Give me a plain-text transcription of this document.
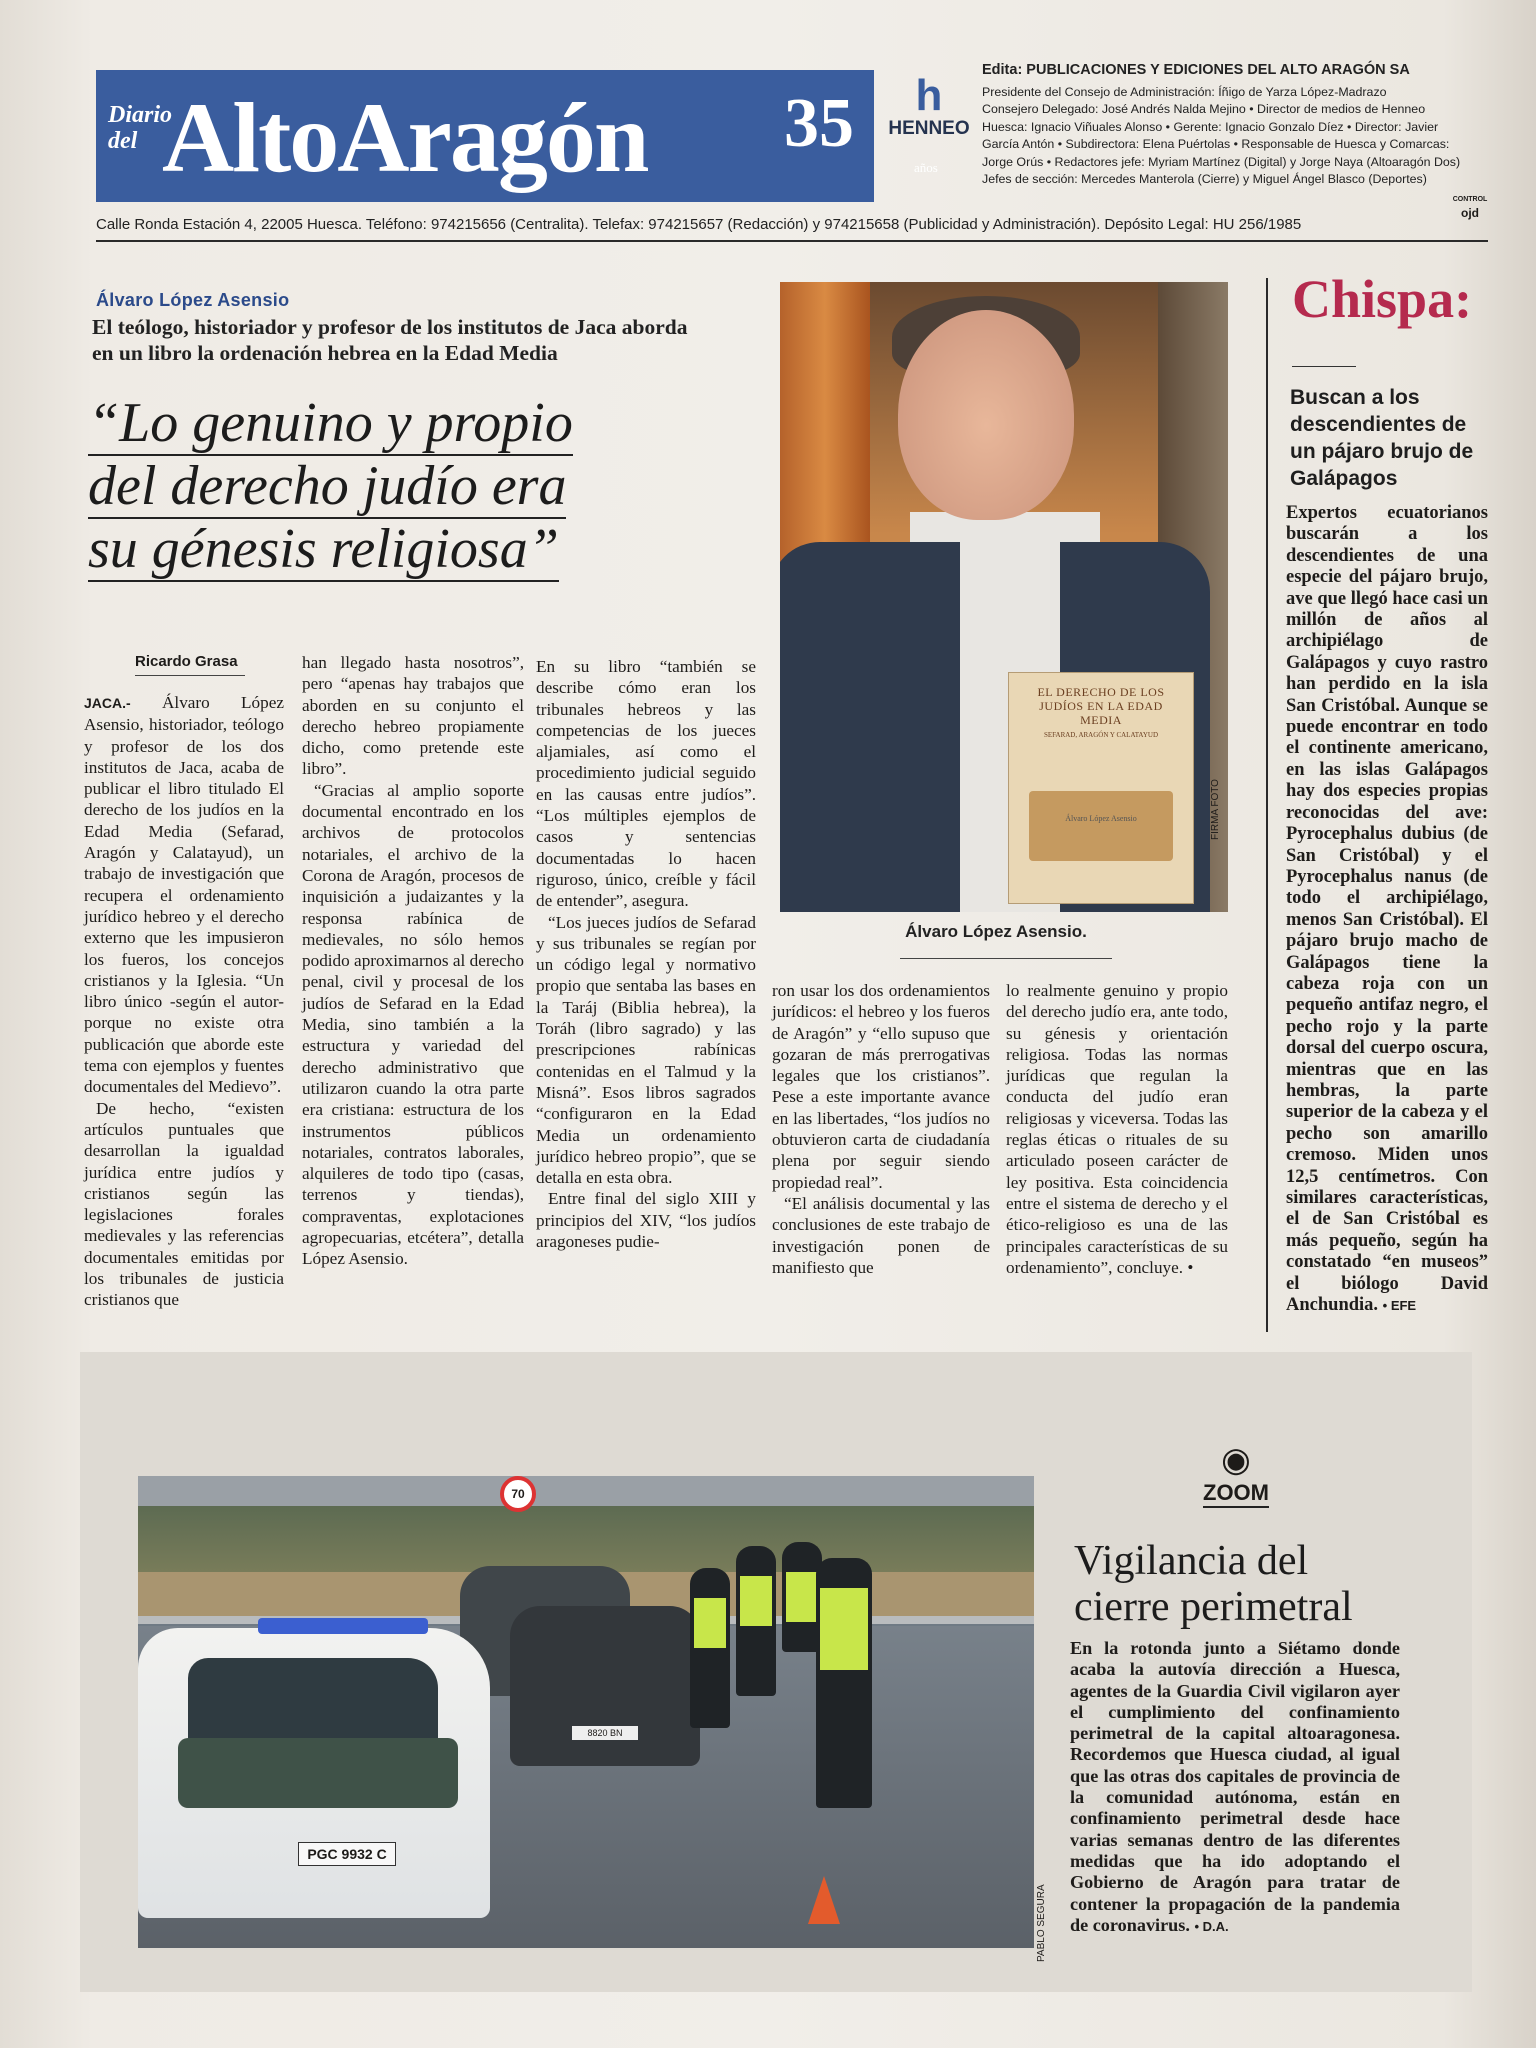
Diario del AltoAragón 35
años
h
HENNEO
Edita: PUBLICACIONES Y EDICIONES DEL ALTO ARAGÓN SA
Presidente del Consejo de Administración: Íñigo de Yarza López-Madrazo
Consejero Delegado: José Andrés Nalda Mejino • Director de medios de Henneo
Huesca: Ignacio Viñuales Alonso • Gerente: Ignacio Gonzalo Díez • Director: Javier
García Antón • Subdirectora: Elena Puértolas • Responsable de Huesca y Comarcas:
Jorge Orús • Redactores jefe: Myriam Martínez (Digital) y Jorge Naya (Altoaragón Dos)
Jefes de sección: Mercedes Manterola (Cierre) y Miguel Ángel Blasco (Deportes)
CONTROL
ojd
Calle Ronda Estación 4, 22005 Huesca. Teléfono: 974215656 (Centralita). Telefax: 974215657 (Redacción) y 974215658 (Publicidad y Administración). Depósito Legal: HU 256/1985
Álvaro López Asensio
El teólogo, historiador y profesor de los institutos de Jaca aborda en un libro la ordenación hebrea en la Edad Media
“Lo genuino y propio
del derecho judío era
su génesis religiosa”
Ricardo Grasa

JACA.- Álvaro López Asensio, historiador, teólogo y profesor de los dos institutos de Jaca, acaba de publicar el libro titulado El derecho de los judíos en la Edad Media (Sefarad, Aragón y Calatayud), un trabajo de investigación que recupera el ordenamiento jurídico hebreo y el derecho externo que les impusieron los fueros, los concejos cristianos y la Iglesia. “Un libro único -según el autor- porque no existe otra publicación que aborde este tema con ejemplos y fuentes documentales del Medievo”.

De hecho, “existen artículos puntuales que desarrollan la igualdad jurídica entre judíos y cristianos según las legislaciones forales medievales y las referencias documentales emitidas por los tribunales de justicia cristianos que

han llegado hasta nosotros”, pero “apenas hay trabajos que aborden en su conjunto el derecho hebreo propiamente dicho, como pretende este libro”.

“Gracias al amplio soporte documental encontrado en los archivos de protocolos notariales, el archivo de la Corona de Aragón, procesos de inquisición a judaizantes y la responsa rabínica de medievales, no sólo hemos podido aproximarnos al derecho penal, civil y procesal de los judíos de Sefarad en la Edad Media, sino también a la estructura y variedad del derecho administrativo que utilizaron cuando la otra parte era cristiana: estructura de los instrumentos públicos notariales, contratos laborales, alquileres de todo tipo (casas, terrenos y tiendas), compraventas, explotaciones agropecuarias, etcétera”, detalla López Asensio.

En su libro “también se describe cómo eran los tribunales hebreos y las competencias de los jueces aljamiales, así como el procedimiento judicial seguido en las causas entre judíos”. “Los múltiples ejemplos de casos y sentencias documentadas lo hacen riguroso, único, creíble y fácil de entender”, asegura.

“Los jueces judíos de Sefarad y sus tribunales se regían por un código legal y normativo propio que sentaba las bases en la Taráj (Biblia hebrea), la Toráh (libro sagrado) y las prescripciones rabínicas contenidas en el Talmud y la Misná”. Esos libros sagrados “configuraron en la Edad Media un ordenamiento jurídico hebreo propio”, que se detalla en esta obra.

Entre final del siglo XIII y principios del XIV, “los judíos aragoneses pudie-

EL DERECHO DE LOS JUDÍOS EN LA EDAD MEDIA
SEFARAD, ARAGÓN Y CALATAYUD
Álvaro López Asensio	FIRMA FOTO
Álvaro López Asensio.

ron usar los dos ordenamientos jurídicos: el hebreo y los fueros de Aragón” y “ello supuso que gozaran de más prerrogativas legales que los cristianos”. Pese a este importante avance en las libertades, “los judíos no obtuvieron carta de ciudadanía plena por seguir siendo propiedad real”.

“El análisis documental y las conclusiones de este trabajo de investigación ponen de manifiesto que

lo realmente genuino y propio del derecho judío era, ante todo, su génesis y orientación religiosa. Todas las normas jurídicas que regulan la conducta del judío eran religiosas y viceversa. Todas las reglas éticas o rituales de su articulado poseen carácter de ley positiva. Esta coincidencia entre el sistema de derecho y el ético-religioso es una de las principales características de su ordenamiento”, concluye. •

Chispa:
Buscan a los descendientes de un pájaro brujo de Galápagos
Expertos ecuatorianos buscarán a los descendientes de una especie del pájaro brujo, ave que llegó hace casi un millón de años al archipiélago de Galápagos y cuyo rastro han perdido en la isla San Cristóbal. Aunque se puede encontrar en todo el continente americano, en las islas Galápagos hay dos especies propias reconocidas del ave: Pyrocephalus dubius (de San Cristóbal) y el Pyrocephalus nanus (de todo el archipiélago, menos San Cristóbal). El pájaro brujo macho de Galápagos tiene la cabeza roja con un pequeño antifaz negro, el pecho rojo y la parte dorsal del cuerpo oscura, mientras que en las hembras, la parte superior de la cabeza y el pecho son amarillo cremoso. Miden unos 12,5 centímetros. Con similares características, el de San Cristóbal es más pequeño, según ha constatado “en museos” el biólogo David Anchundia. • EFE
70
8820 BN
PGC 9932 C
PABLO SEGURA
◉
ZOOM
Vigilancia del cierre perimetral
En la rotonda junto a Siétamo donde acaba la autovía dirección a Huesca, agentes de la Guardia Civil vigilaron ayer el cumplimiento del confinamiento perimetral de la capital altoaragonesa. Recordemos que Huesca ciudad, al igual que las otras dos capitales de provincia de la comunidad autónoma, están en confinamiento perimetral desde hace varias semanas dentro de las diferentes medidas que ha ido adoptando el Gobierno de Aragón para tratar de contener la propagación de la pandemia de coronavirus. • D.A.
